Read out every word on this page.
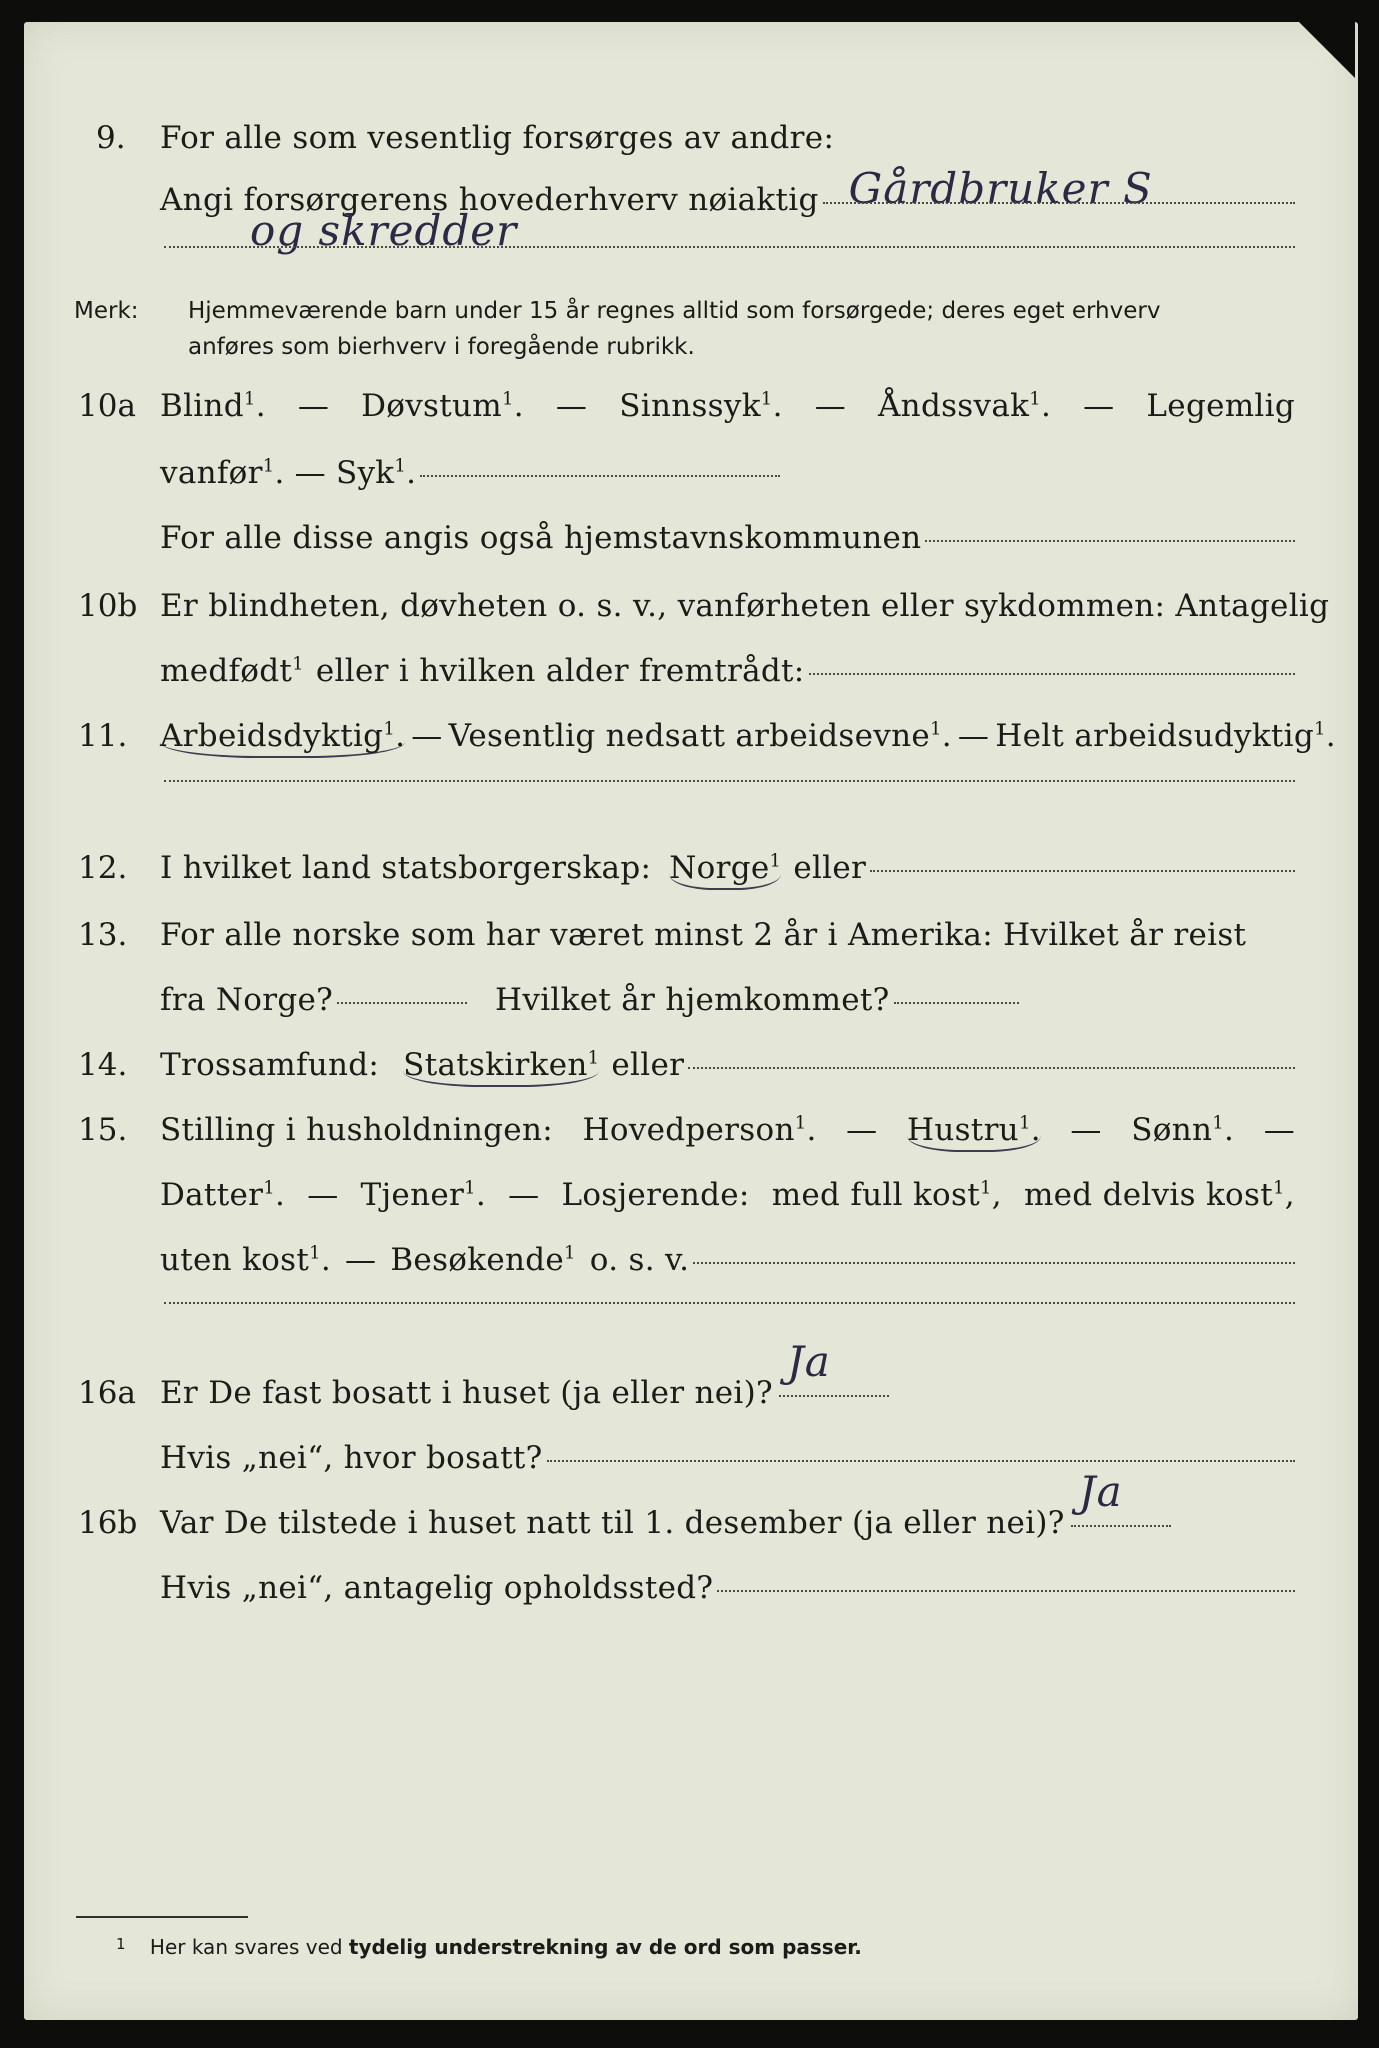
9. For alle som vesentlig forsørges av andre:
Angi forsørgerens hovederhverv nøiaktig Gårdbruker S
og skredder
Merk: Hjemmeværende barn under 15 år regnes alltid som forsørgede; deres eget erhverv
anføres som bierhverv i foregående rubrikk.
10a Blind$^1$. — Døvstum$^1$. — Sinnssyk$^1$. — Åndssvak$^1$. — Legemlig
vanfør$^1$. — Syk$^1$.
For alle disse angis også hjemstavnskommunen
10b Er blindheten, døvheten o. s. v., vanførheten eller sykdommen: Antagelig
medfødt$^1$ eller i hvilken alder fremtrådt:
11. Arbeidsdyktig$^1$. — Vesentlig nedsatt arbeidsevne$^1$. — Helt arbeidsudyktig$^1$.
12. I hvilket land statsborgerskap: Norge$^1$ eller
13. For alle norske som har været minst 2 år i Amerika: Hvilket år reist
fra Norge?	Hvilket år hjemkommet?
14. Trossamfund: Statskirken$^1$ eller
15. Stilling i husholdningen: Hovedperson$^1$. — Hustru$^1$. — Sønn$^1$. —
Datter$^1$. — Tjener$^1$. — Losjerende: med full kost$^1$, med delvis kost$^1$,
uten kost$^1$. — Besøkende$^1$ o. s. v.
16a Er De fast bosatt i huset (ja eller nei)?
Ja
Hvis „nei“, hvor bosatt?
16b Var De tilstede i huset natt til 1. desember (ja eller nei)?
Ja
Hvis „nei“, antagelig opholdssted?
$^1$ Her kan svares ved tydelig understrekning av de ord som passer.
